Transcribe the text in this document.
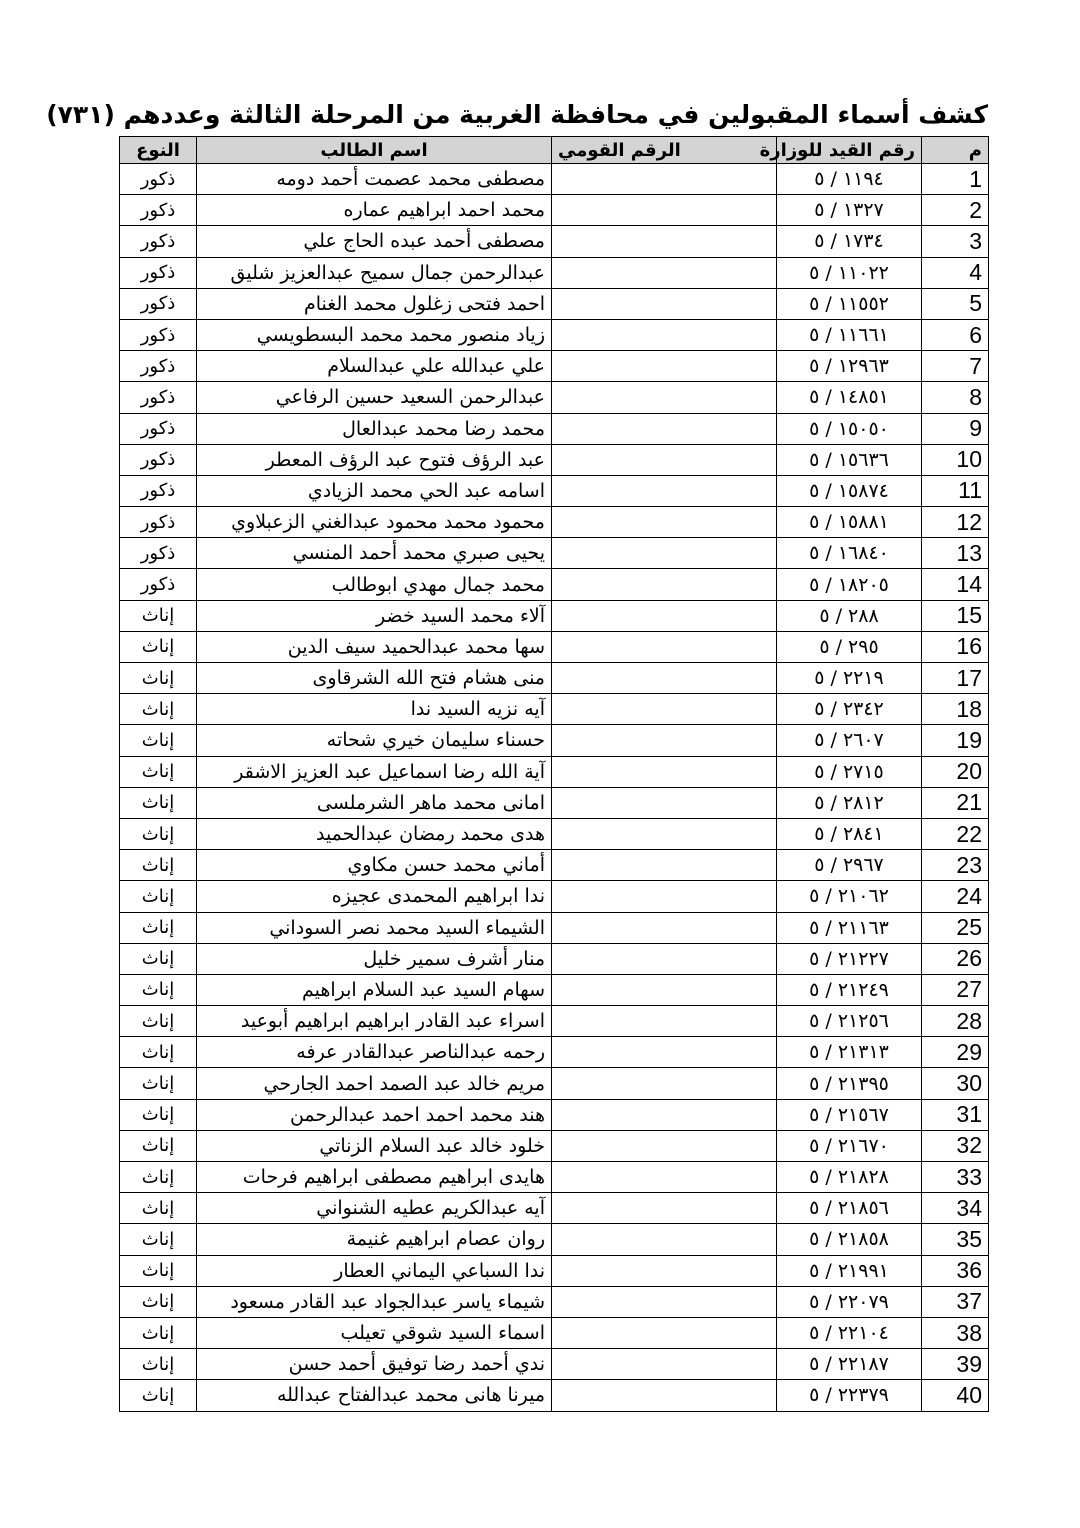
كشف أسماء المقبولين في محافظة الغربية من المرحلة الثالثة وعددهم (٧٣١)
م	رقم القيد للوزارة	الرقم القومي	اسم الطالب	النوع
1	١١٩٤ / ٥		مصطفى محمد عصمت أحمد دومه	ذكور
2	١٣٢٧ / ٥		محمد احمد ابراهيم عماره	ذكور
3	١٧٣٤ / ٥		مصطفى أحمد عبده الحاج علي	ذكور
4	١١٠٢٢ / ٥		عبدالرحمن جمال سميح عبدالعزيز شليق	ذكور
5	١١٥٥٢ / ٥		احمد فتحى زغلول محمد الغنام	ذكور
6	١١٦٦١ / ٥		زياد منصور محمد محمد البسطويسي	ذكور
7	١٢٩٦٣ / ٥		علي عبدالله علي عبدالسلام	ذكور
8	١٤٨٥١ / ٥		عبدالرحمن السعيد حسين الرفاعي	ذكور
9	١٥٠٥٠ / ٥		محمد رضا محمد عبدالعال	ذكور
10	١٥٦٣٦ / ٥		عبد الرؤف فتوح عبد الرؤف المعطر	ذكور
11	١٥٨٧٤ / ٥		اسامه عبد الحي محمد الزيادي	ذكور
12	١٥٨٨١ / ٥		محمود محمد محمود عبدالغني الزعبلاوي	ذكور
13	١٦٨٤٠ / ٥		يحيى صبري محمد أحمد المنسي	ذكور
14	١٨٢٠٥ / ٥		محمد جمال مهدي ابوطالب	ذكور
15	٢٨٨ / ٥		آلاء محمد السيد خضر	إناث
16	٢٩٥ / ٥		سها محمد عبدالحميد سيف الدين	إناث
17	٢٢١٩ / ٥		منى هشام فتح الله الشرقاوى	إناث
18	٢٣٤٢ / ٥		آيه نزيه السيد ندا	إناث
19	٢٦٠٧ / ٥		حسناء سليمان خيري شحاته	إناث
20	٢٧١٥ / ٥		آية الله رضا اسماعيل عبد العزيز الاشقر	إناث
21	٢٨١٢ / ٥		امانى محمد ماهر الشرملسى	إناث
22	٢٨٤١ / ٥		هدى محمد رمضان عبدالحميد	إناث
23	٢٩٦٧ / ٥		أماني محمد حسن مكاوي	إناث
24	٢١٠٦٢ / ٥		ندا ابراهيم المحمدى عجيزه	إناث
25	٢١١٦٣ / ٥		الشيماء السيد محمد نصر السوداني	إناث
26	٢١٢٢٧ / ٥		منار أشرف سمير خليل	إناث
27	٢١٢٤٩ / ٥		سهام السيد عبد السلام ابراهيم	إناث
28	٢١٢٥٦ / ٥		اسراء عبد القادر ابراهيم ابراهيم أبوعيد	إناث
29	٢١٣١٣ / ٥		رحمه عبدالناصر عبدالقادر عرفه	إناث
30	٢١٣٩٥ / ٥		مريم خالد عبد الصمد احمد الجارحي	إناث
31	٢١٥٦٧ / ٥		هند محمد احمد احمد عبدالرحمن	إناث
32	٢١٦٧٠ / ٥		خلود خالد عبد السلام الزناتي	إناث
33	٢١٨٢٨ / ٥		هايدى ابراهيم مصطفى ابراهيم فرحات	إناث
34	٢١٨٥٦ / ٥		آيه عبدالكريم عطيه الشنواني	إناث
35	٢١٨٥٨ / ٥		روان عصام ابراهيم غنيمة	إناث
36	٢١٩٩١ / ٥		ندا السباعي اليماني العطار	إناث
37	٢٢٠٧٩ / ٥		شيماء ياسر عبدالجواد عبد القادر مسعود	إناث
38	٢٢١٠٤ / ٥		اسماء السيد شوقي تعيلب	إناث
39	٢٢١٨٧ / ٥		ندي أحمد رضا توفيق أحمد حسن	إناث
40	٢٢٣٧٩ / ٥		ميرنا هانى محمد عبدالفتاح عبدالله	إناث
